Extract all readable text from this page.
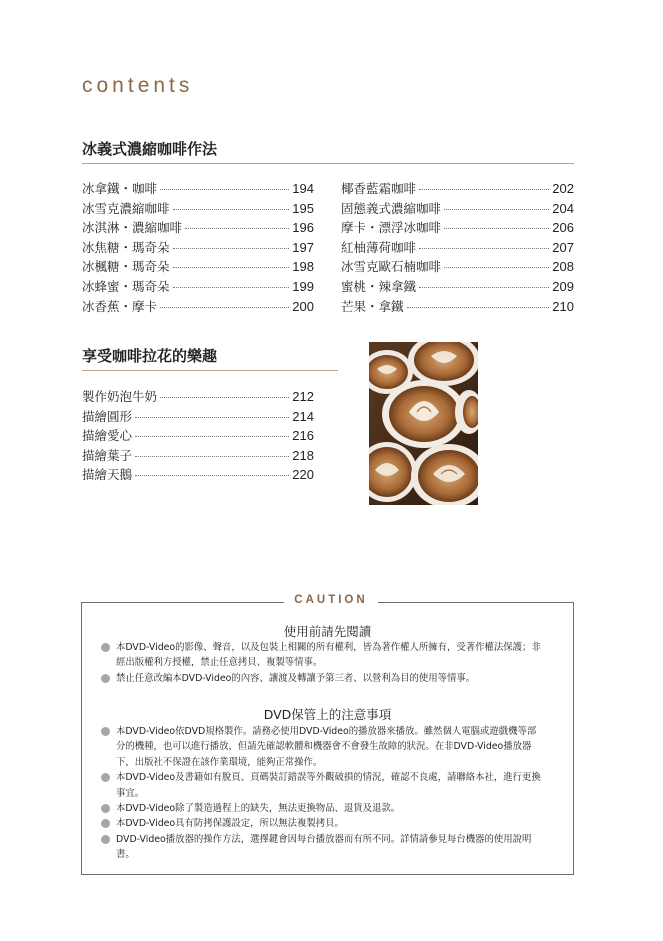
contents
冰義式濃縮咖啡作法
冰拿鐵・咖啡	194
冰雪克濃縮咖啡	195
冰淇淋・濃縮咖啡	196
冰焦糖・瑪奇朵	197
冰楓糖・瑪奇朵	198
冰蜂蜜・瑪奇朵	199
冰香蕉・摩卡	200
椰香藍霜咖啡	202
固態義式濃縮咖啡	204
摩卡・漂浮冰咖啡	206
紅柚薄荷咖啡	207
冰雪克歐石楠咖啡	208
蜜桃・辣拿鐵	209
芒果・拿鐵	210
享受咖啡拉花的樂趣
製作奶泡牛奶	212
描繪圓形	214
描繪愛心	216
描繪葉子	218
描繪天鵝	220
CAUTION
使用前請先閱讀
本DVD-Video的影像、聲音，以及包裝上相關的所有權利，皆為著作權人所擁有，受著作權法保護；非經出版權利方授權，禁止任意拷貝、複製等情事。
禁止任意改編本DVD-Video的內容、讓渡及轉讓予第三者、以營利為目的使用等情事。
DVD保管上的注意事項
本DVD-Video依DVD規格製作。請務必使用DVD-Video的播放器來播放。雖然個人電腦或遊戲機等部分的機種，也可以進行播放，但請先確認軟體和機器會不會發生故障的狀況。在非DVD-Video播放器下，出版社不保證在該作業環境，能夠正常操作。
本DVD-Video及書籍如有脫頁、頁碼裝訂錯誤等外觀破損的情況，確認不良處，請聯絡本社，進行更換事宜。
本DVD-Video除了製造過程上的缺失，無法更換物品、退貨及退款。
本DVD-Video具有防拷保護設定，所以無法複製拷貝。
DVD-Video播放器的操作方法，選擇鍵會因每台播放器而有所不同。詳情請參見每台機器的使用說明書。
